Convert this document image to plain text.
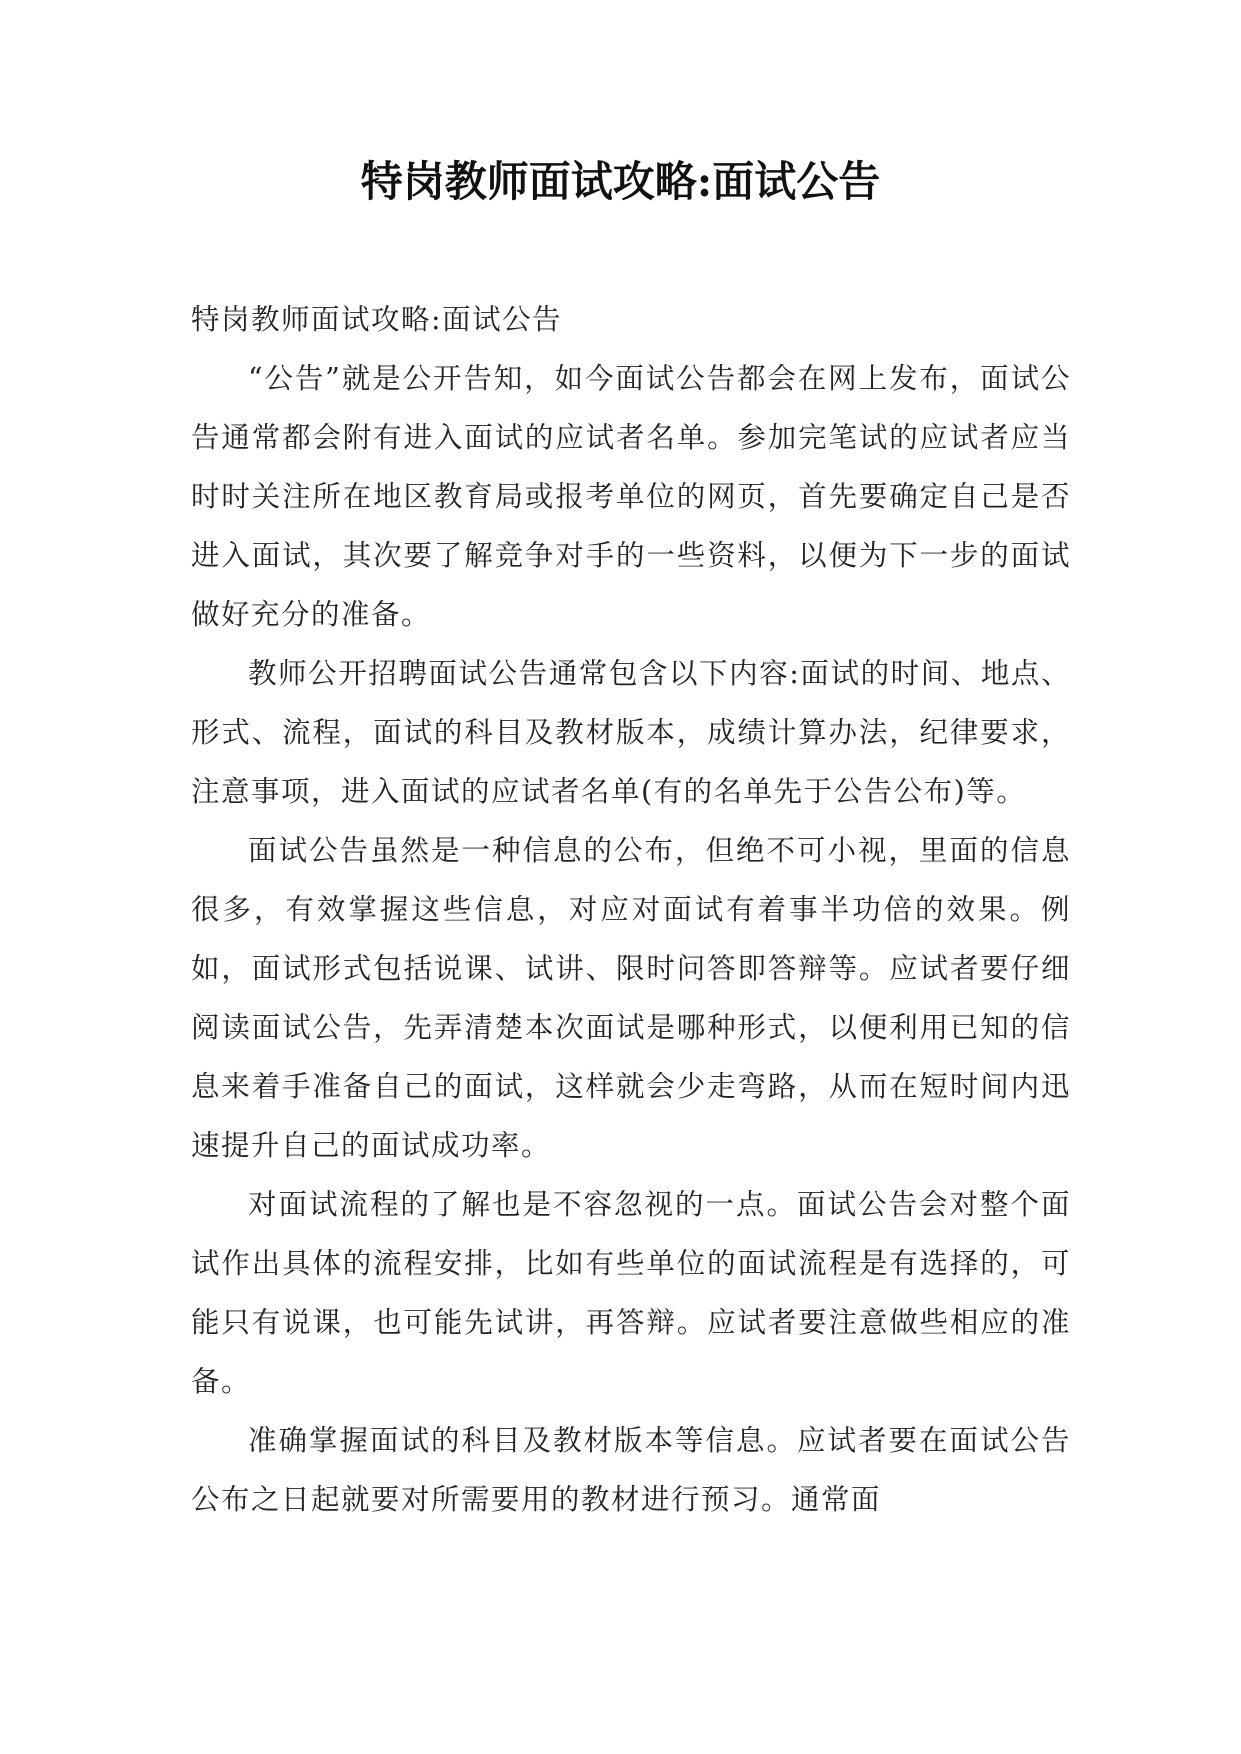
特岗教师面试攻略:面试公告

特岗教师面试攻略:面试公告

“公告”就是公开告知，如今面试公告都会在网上发布，面试公告通常都会附有进入面试的应试者名单。参加完笔试的应试者应当时时关注所在地区教育局或报考单位的网页，首先要确定自己是否进入面试，其次要了解竞争对手的一些资料，以便为下一步的面试做好充分的准备。

教师公开招聘面试公告通常包含以下内容:面试的时间、地点、形式、流程，面试的科目及教材版本，成绩计算办法，纪律要求，注意事项，进入面试的应试者名单(有的名单先于公告公布)等。

面试公告虽然是一种信息的公布，但绝不可小视，里面的信息很多，有效掌握这些信息，对应对面试有着事半功倍的效果。例如，面试形式包括说课、试讲、限时问答即答辩等。应试者要仔细阅读面试公告，先弄清楚本次面试是哪种形式，以便利用已知的信息来着手准备自己的面试，这样就会少走弯路，从而在短时间内迅速提升自己的面试成功率。

对面试流程的了解也是不容忽视的一点。面试公告会对整个面试作出具体的流程安排，比如有些单位的面试流程是有选择的，可能只有说课，也可能先试讲，再答辩。应试者要注意做些相应的准备。

准确掌握面试的科目及教材版本等信息。应试者要在面试公告公布之日起就要对所需要用的教材进行预习。通常面
